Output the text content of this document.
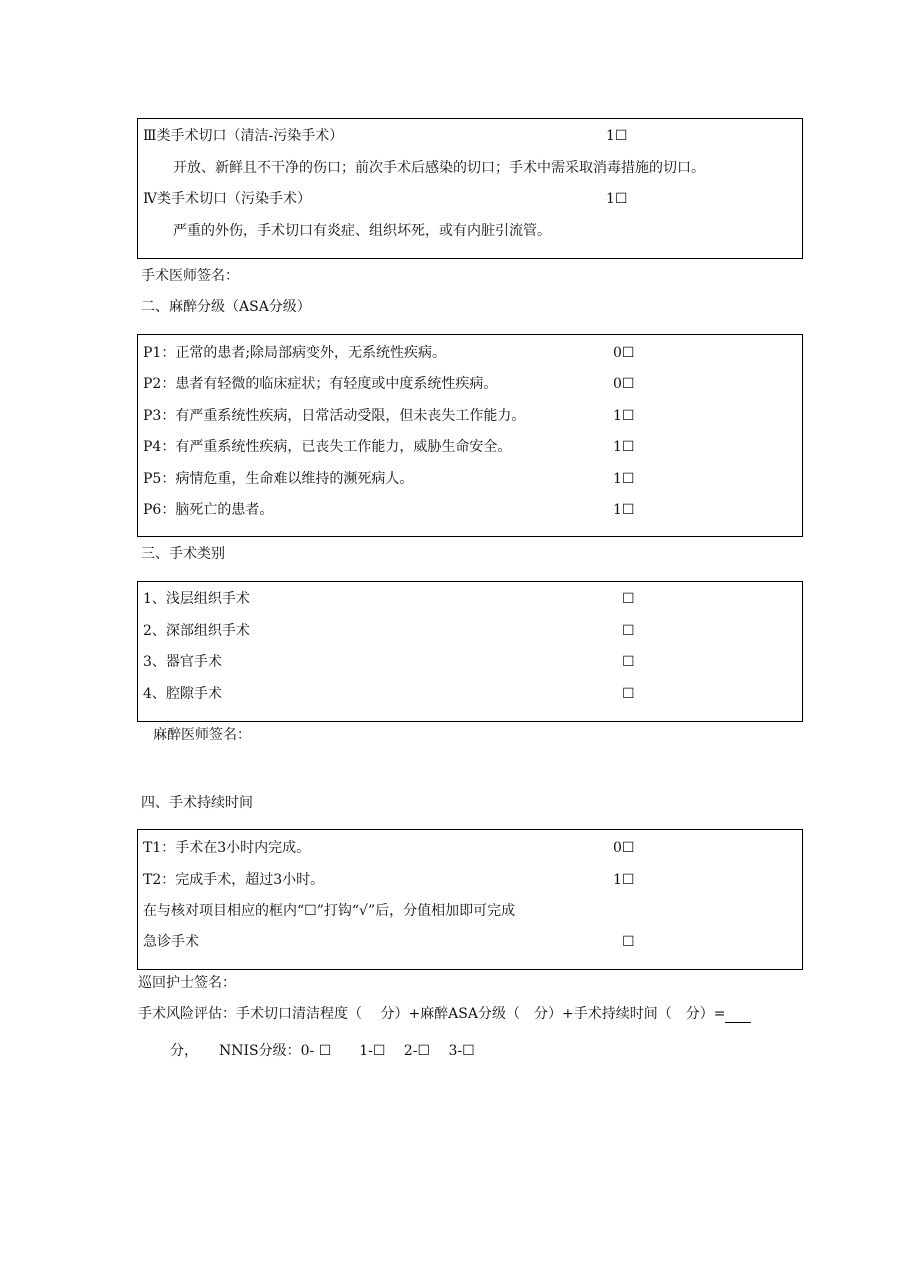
Ⅲ类手术切口（清洁-污染手术）	1☐
开放、新鲜且不干净的伤口；前次手术后感染的切口；手术中需采取消毒措施的切口。
Ⅳ类手术切口（污染手术）	1☐
严重的外伤，手术切口有炎症、组织坏死，或有内脏引流管。
手术医师签名：
二、麻醉分级（ASA分级）
P1：正常的患者;除局部病变外，无系统性疾病。	0☐
P2：患者有轻微的临床症状；有轻度或中度系统性疾病。	0☐
P3：有严重系统性疾病，日常活动受限，但未丧失工作能力。	1☐
P4：有严重系统性疾病，已丧失工作能力，威胁生命安全。	1☐
P5：病情危重，生命难以维持的濒死病人。	1☐
P6：脑死亡的患者。	1☐
三、手术类别
1、浅层组织手术	☐
2、深部组织手术	☐
3、器官手术	☐
4、腔隙手术	☐
麻醉医师签名：
四、手术持续时间
T1：手术在3小时内完成。	0☐
T2：完成手术，超过3小时。	1☐
在与核对项目相应的框内“☐”打钩“√”后，分值相加即可完成
急诊手术	☐
巡回护士签名：
手术风险评估：手术切口清洁程度（　 分）+麻醉ASA分级（　分）+手术持续时间（　分）=
分，　　NNIS分级：0- ☐　　1-☐　 2-☐　 3-☐
